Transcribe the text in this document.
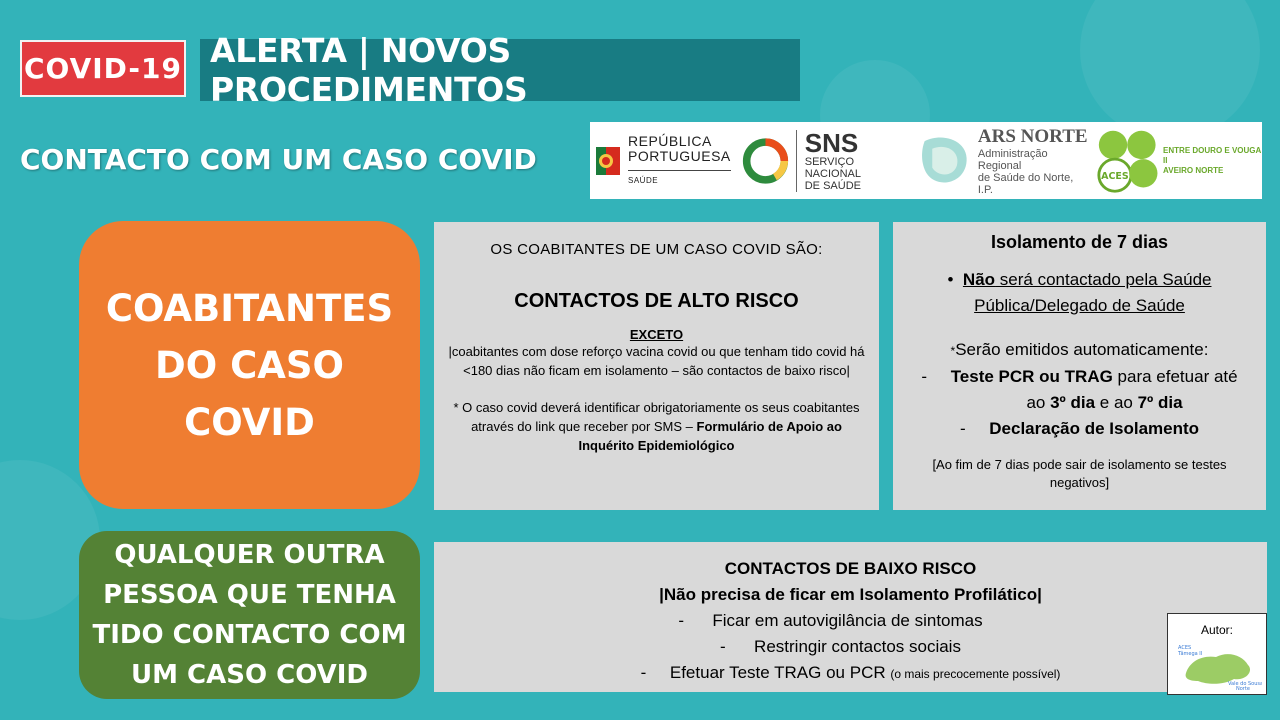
COVID-19 ALERTA | NOVOS PROCEDIMENTOS
CONTACTO COM UM CASO COVID
REPÚBLICA
PORTUGUESA
SAÚDE
SNS
SERVIÇO NACIONAL
DE SAÚDE
ARS NORTE
Administração Regional
de Saúde do Norte, I.P.
ACES
ENTRE DOURO E VOUGA II
AVEIRO NORTE
COABITANTES
DO CASO
COVID
QUALQUER OUTRA
PESSOA QUE TENHA
TIDO CONTACTO COM
UM CASO COVID
OS COABITANTES DE UM CASO COVID SÃO:
CONTACTOS DE ALTO RISCO
EXCETO
|coabitantes com dose reforço vacina covid ou que tenham tido covid há <180 dias não ficam em isolamento – são contactos de baixo risco|
* O caso covid deverá identificar obrigatoriamente os seus coabitantes através do link que receber por SMS – Formulário de Apoio ao Inquérito Epidemiológico
Isolamento de 7 dias
• Não será contactado pela Saúde
Pública/Delegado de Saúde
*Serão emitidos automaticamente:
- Teste PCR ou TRAG para efetuar até
ao 3º dia e ao 7º dia
- Declaração de Isolamento
[Ao fim de 7 dias pode sair de isolamento se testes negativos]
CONTACTOS DE BAIXO RISCO
|Não precisa de ficar em Isolamento Profilático|
- Ficar em autovigilância de sintomas
- Restringir contactos sociais
- Efetuar Teste TRAG ou PCR (o mais precocemente possível)
Autor:
ACES
Tâmega II
Vale do Sousa
Norte
